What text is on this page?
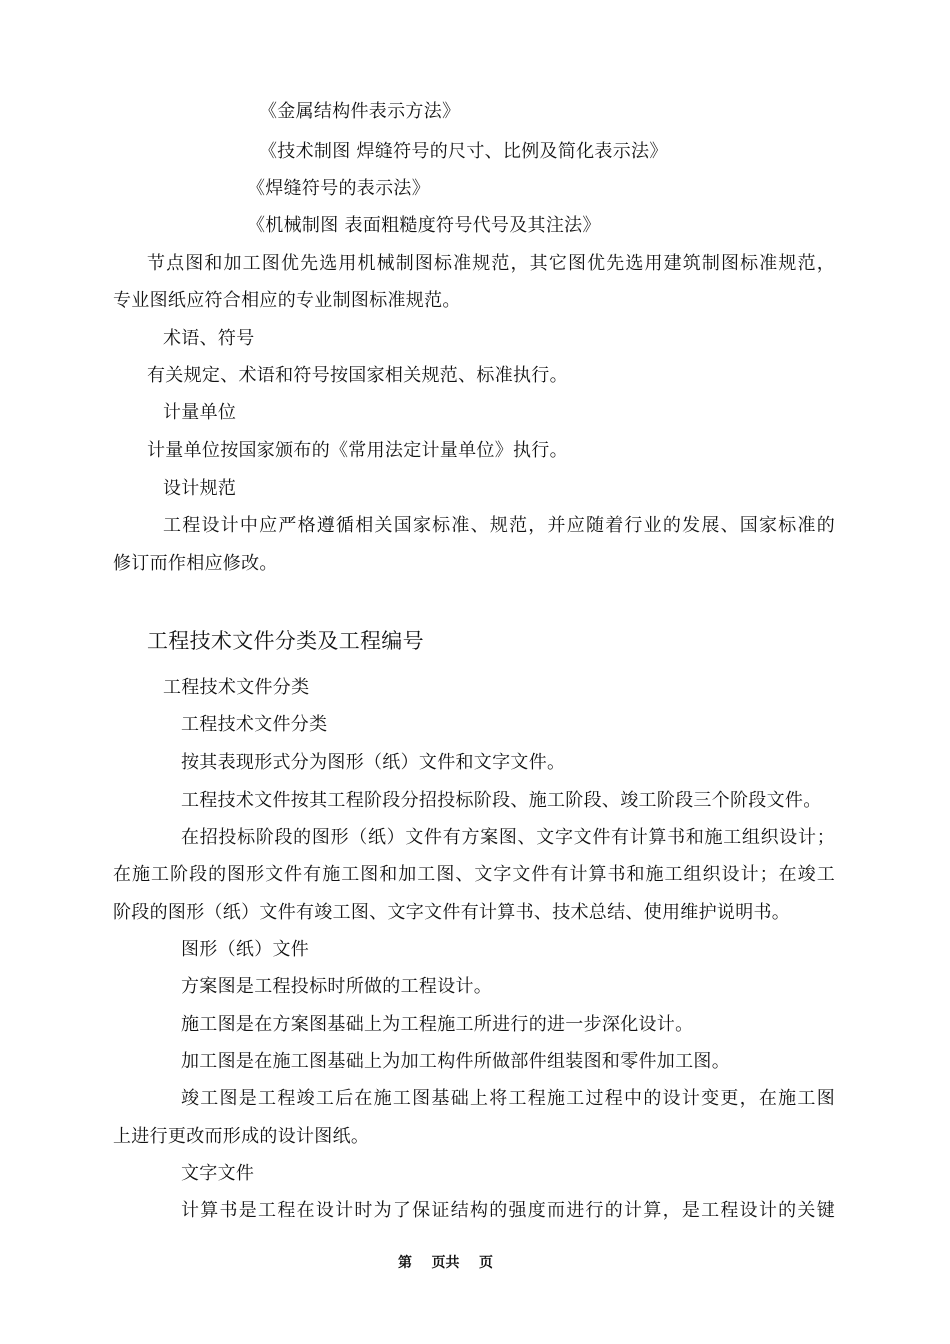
《金属结构件表示方法》
《技术制图 焊缝符号的尺寸、比例及简化表示法》
《焊缝符号的表示法》
《机械制图 表面粗糙度符号代号及其注法》
节点图和加工图优先选用机械制图标准规范，其它图优先选用建筑制图标准规范，
专业图纸应符合相应的专业制图标准规范。
术语、符号
有关规定、术语和符号按国家相关规范、标准执行。
计量单位
计量单位按国家颁布的《常用法定计量单位》执行。
设计规范
工程设计中应严格遵循相关国家标准、规范，并应随着行业的发展、国家标准的
修订而作相应修改。
工程技术文件分类及工程编号
工程技术文件分类
工程技术文件分类
按其表现形式分为图形（纸）文件和文字文件。
工程技术文件按其工程阶段分招投标阶段、施工阶段、竣工阶段三个阶段文件。
在招投标阶段的图形（纸）文件有方案图、文字文件有计算书和施工组织设计；
在施工阶段的图形文件有施工图和加工图、文字文件有计算书和施工组织设计；在竣工
阶段的图形（纸）文件有竣工图、文字文件有计算书、技术总结、使用维护说明书。
图形（纸）文件
方案图是工程投标时所做的工程设计。
施工图是在方案图基础上为工程施工所进行的进一步深化设计。
加工图是在施工图基础上为加工构件所做部件组装图和零件加工图。
竣工图是工程竣工后在施工图基础上将工程施工过程中的设计变更，在施工图
上进行更改而形成的设计图纸。
文字文件
计算书是工程在设计时为了保证结构的强度而进行的计算，是工程设计的关键
第    页共    页
